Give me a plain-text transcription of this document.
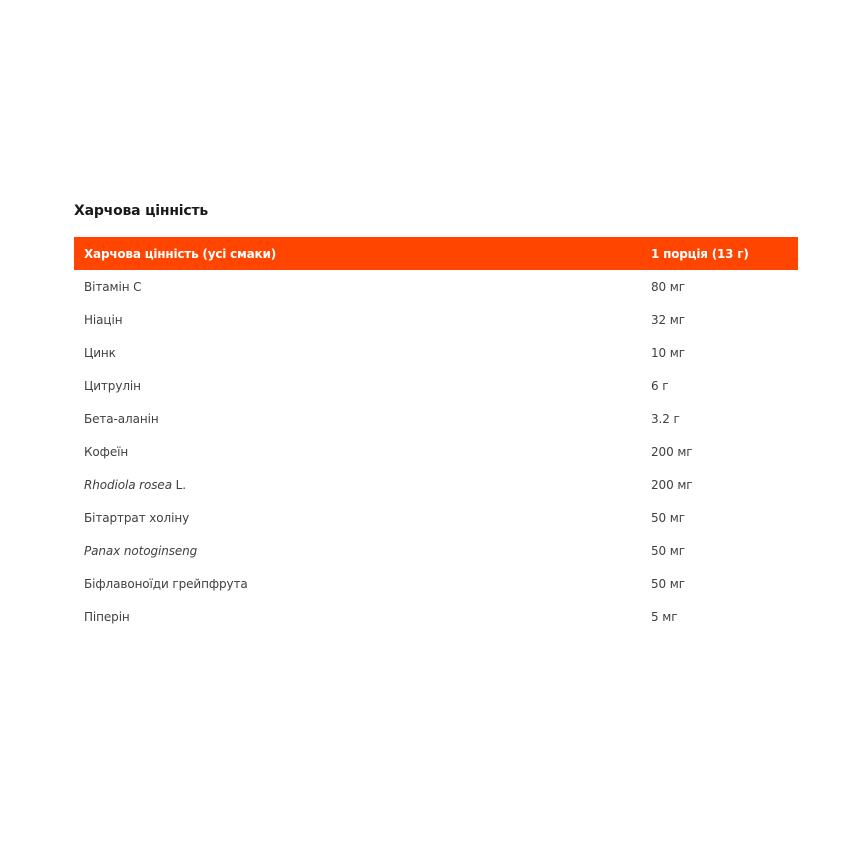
Харчова цінність
Харчова цінність (усі смаки)	1 порція (13 г)
Вітамін С	80 мг
Ніацін	32 мг
Цинк	10 мг
Цитрулін	6 г
Бета-аланін	3.2 г
Кофеїн	200 мг
Rhodiola rosea L.	200 мг
Бітартрат холіну	50 мг
Panax notoginseng	50 мг
Біфлавоноїди грейпфрута	50 мг
Піперін	5 мг
